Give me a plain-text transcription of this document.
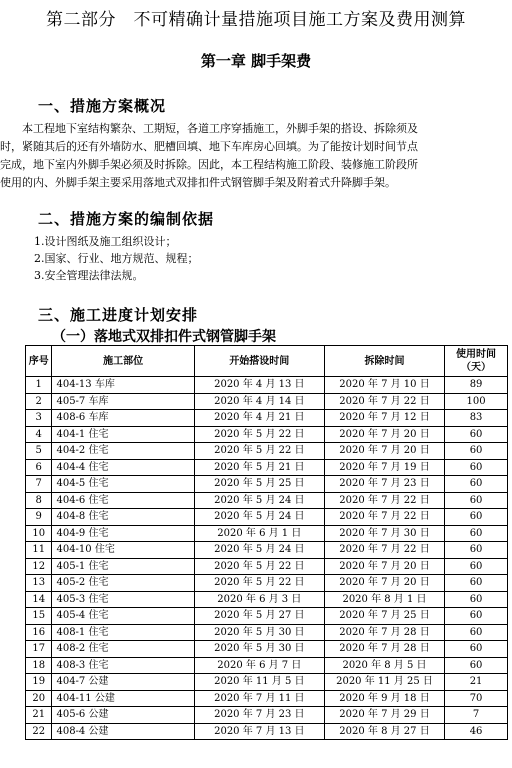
第二部分　不可精确计量措施项目施工方案及费用测算
第一章 脚手架费
一、措施方案概况
　　本工程地下室结构繁杂、工期短，各道工序穿插施工，外脚手架的搭设、拆除须及
时，紧随其后的还有外墙防水、肥槽回填、地下车库房心回填。为了能按计划时间节点
完成，地下室内外脚手架必须及时拆除。因此，本工程结构施工阶段、装修施工阶段所
使用的内、外脚手架主要采用落地式双排扣件式钢管脚手架及附着式升降脚手架。
二、措施方案的编制依据
1.设计图纸及施工组织设计；
2.国家、行业、地方规范、规程；
3.安全管理法律法规。
三、施工进度计划安排
（一）落地式双排扣件式钢管脚手架
序号	施工部位	开始搭设时间	拆除时间	使用时间（天）
1	404-13 车库	2020 年 4 月 13 日	2020 年 7 月 10 日	89
2	405-7 车库	2020 年 4 月 14 日	2020 年 7 月 22 日	100
3	408-6 车库	2020 年 4 月 21 日	2020 年 7 月 12 日	83
4	404-1 住宅	2020 年 5 月 22 日	2020 年 7 月 20 日	60
5	404-2 住宅	2020 年 5 月 22 日	2020 年 7 月 20 日	60
6	404-4 住宅	2020 年 5 月 21 日	2020 年 7 月 19 日	60
7	404-5 住宅	2020 年 5 月 25 日	2020 年 7 月 23 日	60
8	404-6 住宅	2020 年 5 月 24 日	2020 年 7 月 22 日	60
9	404-8 住宅	2020 年 5 月 24 日	2020 年 7 月 22 日	60
10	404-9 住宅	2020 年 6 月 1 日	2020 年 7 月 30 日	60
11	404-10 住宅	2020 年 5 月 24 日	2020 年 7 月 22 日	60
12	405-1 住宅	2020 年 5 月 22 日	2020 年 7 月 20 日	60
13	405-2 住宅	2020 年 5 月 22 日	2020 年 7 月 20 日	60
14	405-3 住宅	2020 年 6 月 3 日	2020 年 8 月 1 日	60
15	405-4 住宅	2020 年 5 月 27 日	2020 年 7 月 25 日	60
16	408-1 住宅	2020 年 5 月 30 日	2020 年 7 月 28 日	60
17	408-2 住宅	2020 年 5 月 30 日	2020 年 7 月 28 日	60
18	408-3 住宅	2020 年 6 月 7 日	2020 年 8 月 5 日	60
19	404-7 公建	2020 年 11 月 5 日	2020 年 11 月 25 日	21
20	404-11 公建	2020 年 7 月 11 日	2020 年 9 月 18 日	70
21	405-6 公建	2020 年 7 月 23 日	2020 年 7 月 29 日	7
22	408-4 公建	2020 年 7 月 13 日	2020 年 8 月 27 日	46
